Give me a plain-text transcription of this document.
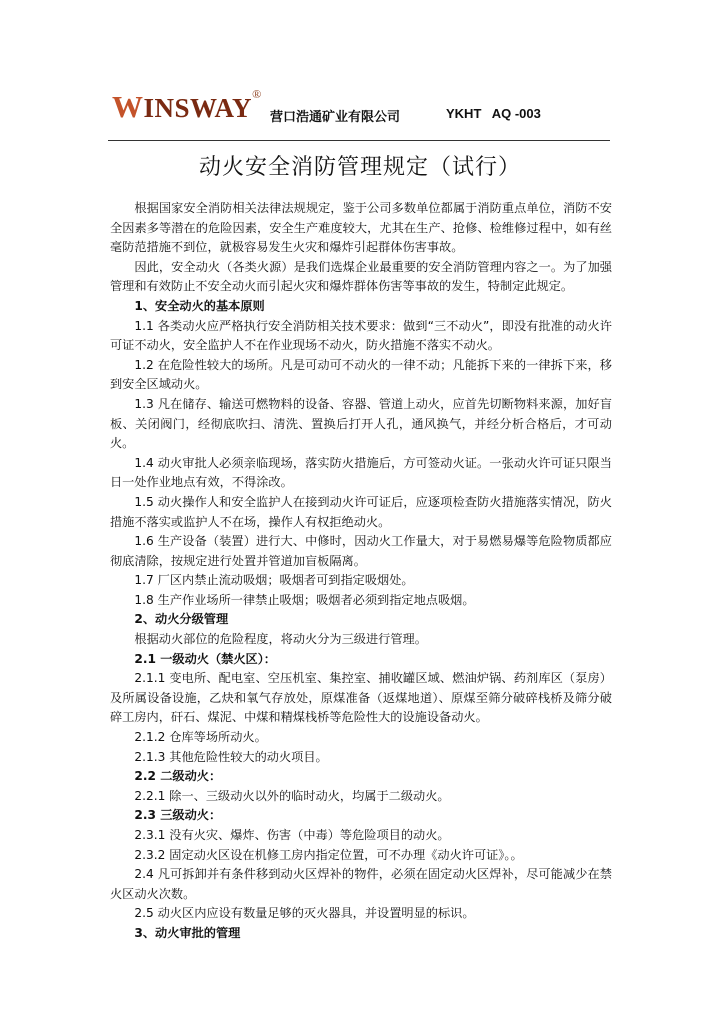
WINSWAY®
营口浩通矿业有限公司	YKHT   AQ -003
动火安全消防管理规定（试行）

根据国家安全消防相关法律法规规定，鉴于公司多数单位都属于消防重点单位，消防不安全因素多等潜在的危险因素，安全生产难度较大，尤其在生产、抢修、检维修过程中，如有丝毫防范措施不到位，就极容易发生火灾和爆炸引起群体伤害事故。

因此，安全动火（各类火源）是我们选煤企业最重要的安全消防管理内容之一。为了加强管理和有效防止不安全动火而引起火灾和爆炸群体伤害等事故的发生，特制定此规定。

1、安全动火的基本原则

1.1 各类动火应严格执行安全消防相关技术要求：做到“三不动火”，即没有批准的动火许可证不动火，安全监护人不在作业现场不动火，防火措施不落实不动火。

1.2 在危险性较大的场所。凡是可动可不动火的一律不动；凡能拆下来的一律拆下来，移到安全区域动火。

1.3 凡在储存、输送可燃物料的设备、容器、管道上动火，应首先切断物料来源，加好盲板、关闭阀门，经彻底吹扫、清洗、置换后打开人孔，通风换气，并经分析合格后，才可动火。

1.4 动火审批人必须亲临现场，落实防火措施后，方可签动火证。一张动火许可证只限当日一处作业地点有效，不得涂改。

1.5 动火操作人和安全监护人在接到动火许可证后，应逐项检查防火措施落实情况，防火措施不落实或监护人不在场，操作人有权拒绝动火。

1.6 生产设备（装置）进行大、中修时，因动火工作量大，对于易燃易爆等危险物质都应彻底清除，按规定进行处置并管道加盲板隔离。

1.7 厂区内禁止流动吸烟；吸烟者可到指定吸烟处。

1.8 生产作业场所一律禁止吸烟；吸烟者必须到指定地点吸烟。

2、动火分级管理

根据动火部位的危险程度，将动火分为三级进行管理。

2.1 一级动火（禁火区）：

2.1.1 变电所、配电室、空压机室、集控室、捕收罐区域、燃油炉锅、药剂库区（泵房）及所属设备设施，乙炔和氧气存放处，原煤准备（返煤地道）、原煤至筛分破碎栈桥及筛分破碎工房内，矸石、煤泥、中煤和精煤栈桥等危险性大的设施设备动火。

2.1.2 仓库等场所动火。

2.1.3 其他危险性较大的动火项目。

2.2 二级动火：

2.2.1 除一、三级动火以外的临时动火，均属于二级动火。

2.3 三级动火：

2.3.1 没有火灾、爆炸、伤害（中毒）等危险项目的动火。

2.3.2 固定动火区设在机修工房内指定位置，可不办理《动火许可证》。。

2.4 凡可拆卸并有条件移到动火区焊补的物件，必须在固定动火区焊补，尽可能减少在禁火区动火次数。

2.5 动火区内应设有数量足够的灭火器具，并设置明显的标识。

3、动火审批的管理
